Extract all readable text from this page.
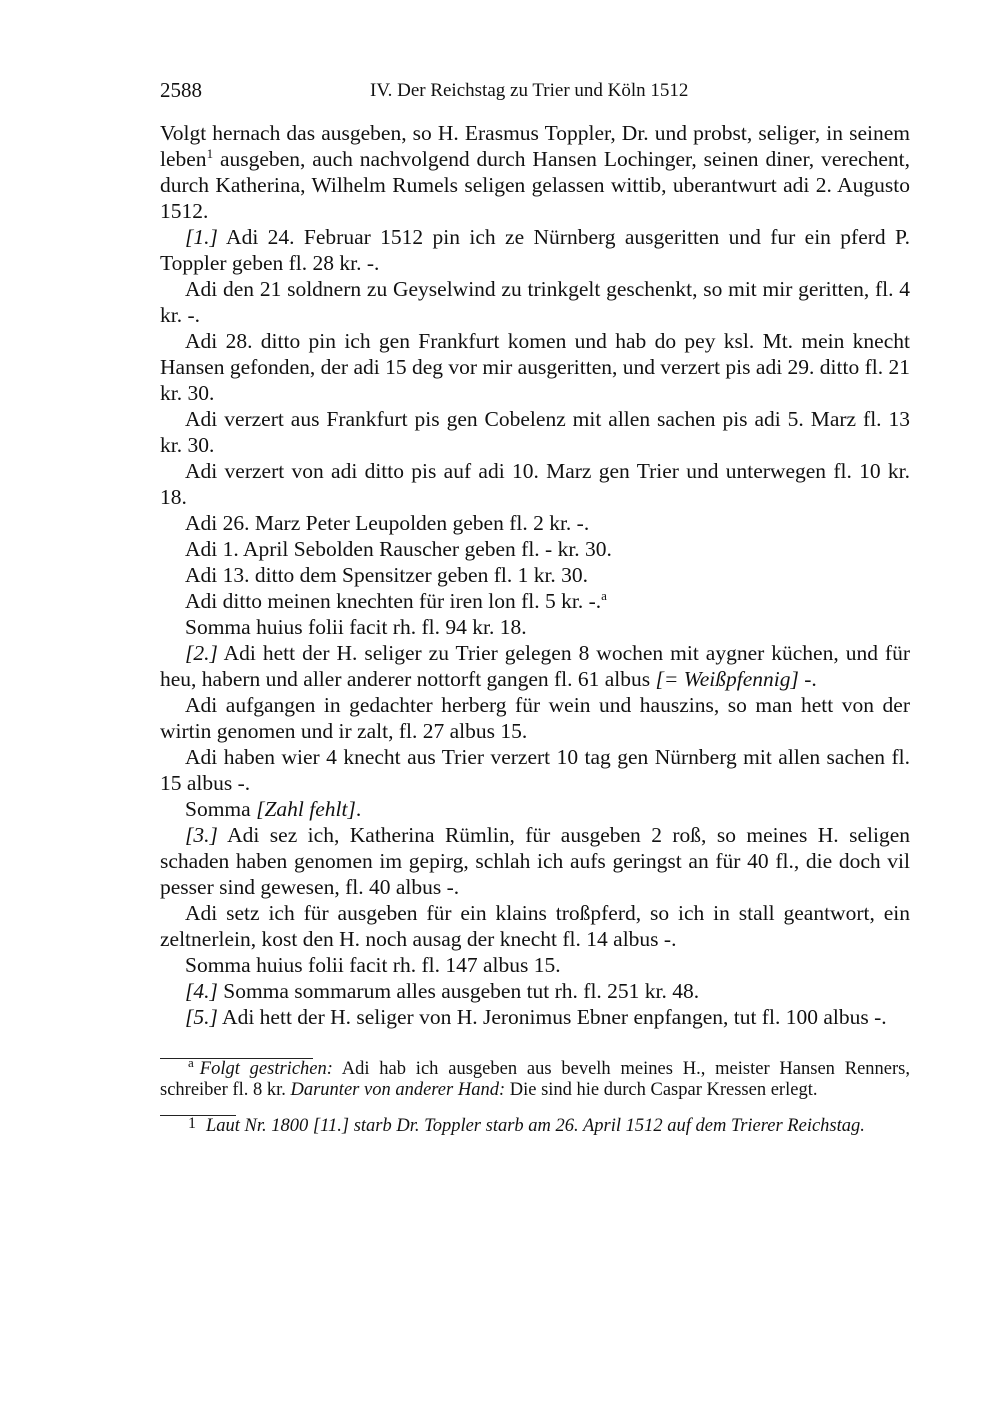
2588	IV. Der Reichstag zu Trier und Köln 1512

Volgt hernach das ausgeben, so H. Erasmus Toppler, Dr. und probst, seliger, in seinem leben$^1$ ausgeben, auch nachvolgend durch Hansen Lochinger, seinen diner, verechent, durch Katherina, Wilhelm Rumels seligen gelassen wittib, uberantwurt adi 2. Augusto 1512.

[1.] Adi 24. Februar 1512 pin ich ze Nürnberg ausgeritten und fur ein pferd P. Toppler geben fl. 28 kr. -.

Adi den 21 soldnern zu Geyselwind zu trinkgelt geschenkt, so mit mir geritten, fl. 4 kr. -.

Adi 28. ditto pin ich gen Frankfurt komen und hab do pey ksl. Mt. mein knecht Hansen gefonden, der adi 15 deg vor mir ausgeritten, und verzert pis adi 29. ditto fl. 21 kr. 30.

Adi verzert aus Frankfurt pis gen Cobelenz mit allen sachen pis adi 5. Marz fl. 13 kr. 30.

Adi verzert von adi ditto pis auf adi 10. Marz gen Trier und unterwegen fl. 10 kr. 18.

Adi 26. Marz Peter Leupolden geben fl. 2 kr. -.

Adi 1. April Sebolden Rauscher geben fl. - kr. 30.

Adi 13. ditto dem Spensitzer geben fl. 1 kr. 30.

Adi ditto meinen knechten für iren lon fl. 5 kr. -.$^a$

Somma huius folii facit rh. fl. 94 kr. 18.

[2.] Adi hett der H. seliger zu Trier gelegen 8 wochen mit aygner küchen, und für heu, habern und aller anderer nottorft gangen fl. 61 albus [= Weißpfennig] -.

Adi aufgangen in gedachter herberg für wein und hauszins, so man hett von der wirtin genomen und ir zalt, fl. 27 albus 15.

Adi haben wier 4 knecht aus Trier verzert 10 tag gen Nürnberg mit allen sachen fl. 15 albus -.

Somma [Zahl fehlt].

[3.] Adi sez ich, Katherina Rümlin, für ausgeben 2 roß, so meines H. seligen schaden haben genomen im gepirg, schlah ich aufs geringst an für 40 fl., die doch vil pesser sind gewesen, fl. 40 albus -.

Adi setz ich für ausgeben für ein klains troßpferd, so ich in stall geantwort, ein zeltnerlein, kost den H. noch ausag der knecht fl. 14 albus -.

Somma huius folii facit rh. fl. 147 albus 15.

[4.] Somma sommarum alles ausgeben tut rh. fl. 251 kr. 48.

[5.] Adi hett der H. seliger von H. Jeronimus Ebner enpfangen, tut fl. 100 albus -.

$^a$ Folgt gestrichen: Adi hab ich ausgeben aus bevelh meines H., meister Hansen Renners, schreiber fl. 8 kr. Darunter von anderer Hand: Die sind hie durch Caspar Kressen erlegt.

1 Laut Nr. 1800 [11.] starb Dr. Toppler starb am 26. April 1512 auf dem Trierer Reichstag.
